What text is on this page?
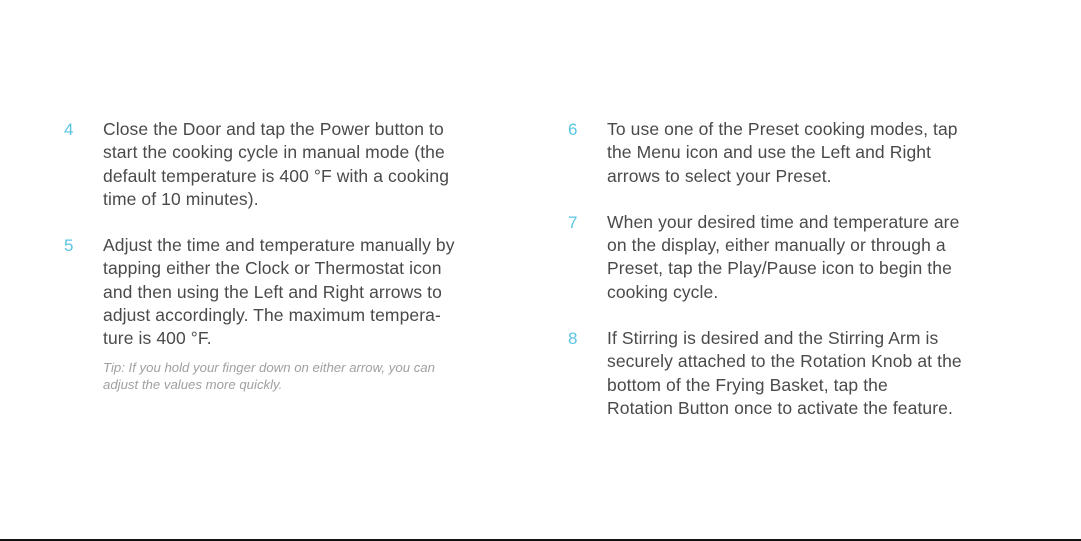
4 Close the Door and tap the Power button to
start the cooking cycle in manual mode (the
default temperature is 400 °F with a cooking
time of 10 minutes).
5 Adjust the time and temperature manually by
tapping either the Clock or Thermostat icon
and then using the Left and Right arrows to
adjust accordingly. The maximum tempera-
ture is 400 °F.
Tip: If you hold your finger down on either arrow, you can
adjust the values more quickly.
6 To use one of the Preset cooking modes, tap
the Menu icon and use the Left and Right
arrows to select your Preset.
7 When your desired time and temperature are
on the display, either manually or through a
Preset, tap the Play/Pause icon to begin the
cooking cycle.
8 If Stirring is desired and the Stirring Arm is
securely attached to the Rotation Knob at the
bottom of the Frying Basket, tap the
Rotation Button once to activate the feature.
